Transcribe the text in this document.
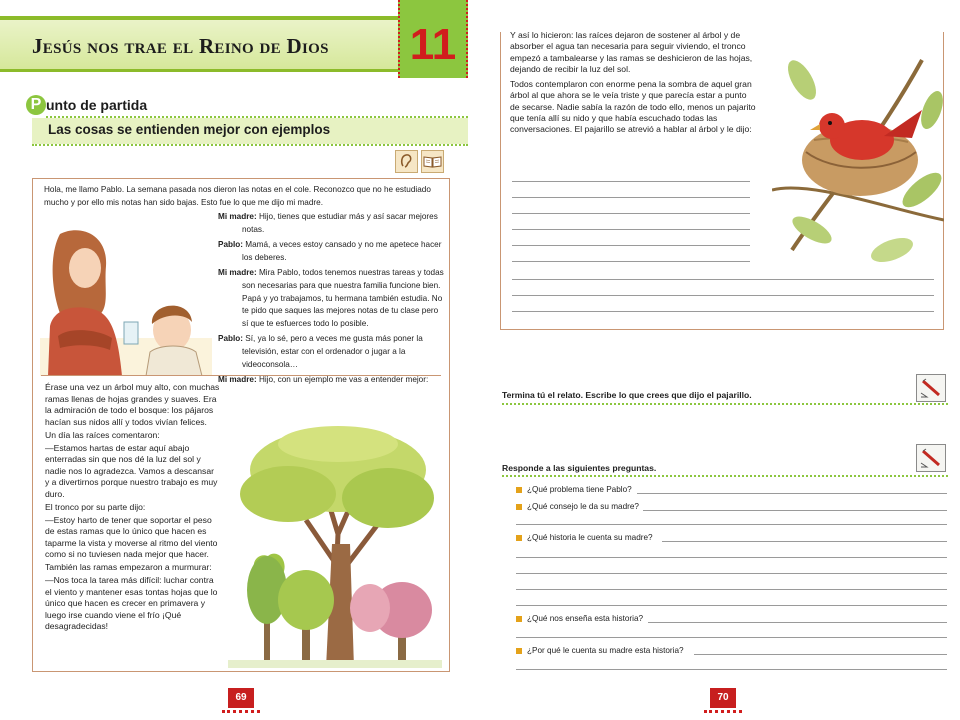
Jesús nos trae el Reino de Dios 11
P unto de partida
Las cosas se entienden mejor con ejemplos
Hola, me llamo Pablo. La semana pasada nos dieron las notas en el cole. Reconozco que no he estudiado mucho y por ello mis notas han sido bajas. Esto fue lo que me dijo mi madre.

Mi madre: Hijo, tienes que estudiar más y así sacar mejores notas.

Pablo: Mamá, a veces estoy cansado y no me apetece hacer los deberes.

Mi madre: Mira Pablo, todos tenemos nuestras tareas y todas son necesarias para que nuestra familia funcione bien. Papá y yo trabajamos, tu hermana también estudia. No te pido que saques las mejores notas de tu clase pero sí que te esfuerces todo lo posible.

Pablo: Sí, ya lo sé, pero a veces me gusta más poner la televisión, estar con el ordenador o jugar a la videoconsola…

Mi madre: Hijo, con un ejemplo me vas a entender mejor:

Érase una vez un árbol muy alto, con muchas ramas llenas de hojas grandes y suaves. Era la admiración de todo el bosque: los pájaros hacían sus nidos allí y todos vivían felices.

Un día las raíces comentaron:

—Estamos hartas de estar aquí abajo enterradas sin que nos dé la luz del sol y nadie nos lo agradezca. Vamos a descansar y a divertirnos porque nuestro trabajo es muy duro.

El tronco por su parte dijo:

—Estoy harto de tener que soportar el peso de estas ramas que lo único que hacen es taparme la vista y moverse al ritmo del viento como si no tuviesen nada mejor que hacer.

También las ramas empezaron a murmurar:

—Nos toca la tarea más difícil: luchar contra el viento y mantener esas tontas hojas que lo único que hacen es crecer en primavera y luego irse cuando viene el frío ¡Qué desagradecidas!

69

Y así lo hicieron: las raíces dejaron de sostener al árbol y de absorber el agua tan necesaria para seguir viviendo, el tronco empezó a tambalearse y las ramas se deshicieron de las hojas, dejando de recibir la luz del sol.

Todos contemplaron con enorme pena la sombra de aquel gran árbol al que ahora se le veía triste y que parecía estar a punto de secarse. Nadie sabía la razón de todo ello, menos un pajarito que tenía allí su nido y que había escuchado todas las conversaciones. El pajarillo se atrevió a hablar al árbol y le dijo:

Termina tú el relato. Escribe lo que crees que dijo el pajarillo.
Responde a las siguientes preguntas.
¿Qué problema tiene Pablo?
¿Qué consejo le da su madre?
¿Qué historia le cuenta su madre?
¿Qué nos enseña esta historia?
¿Por qué le cuenta su madre esta historia?
70
